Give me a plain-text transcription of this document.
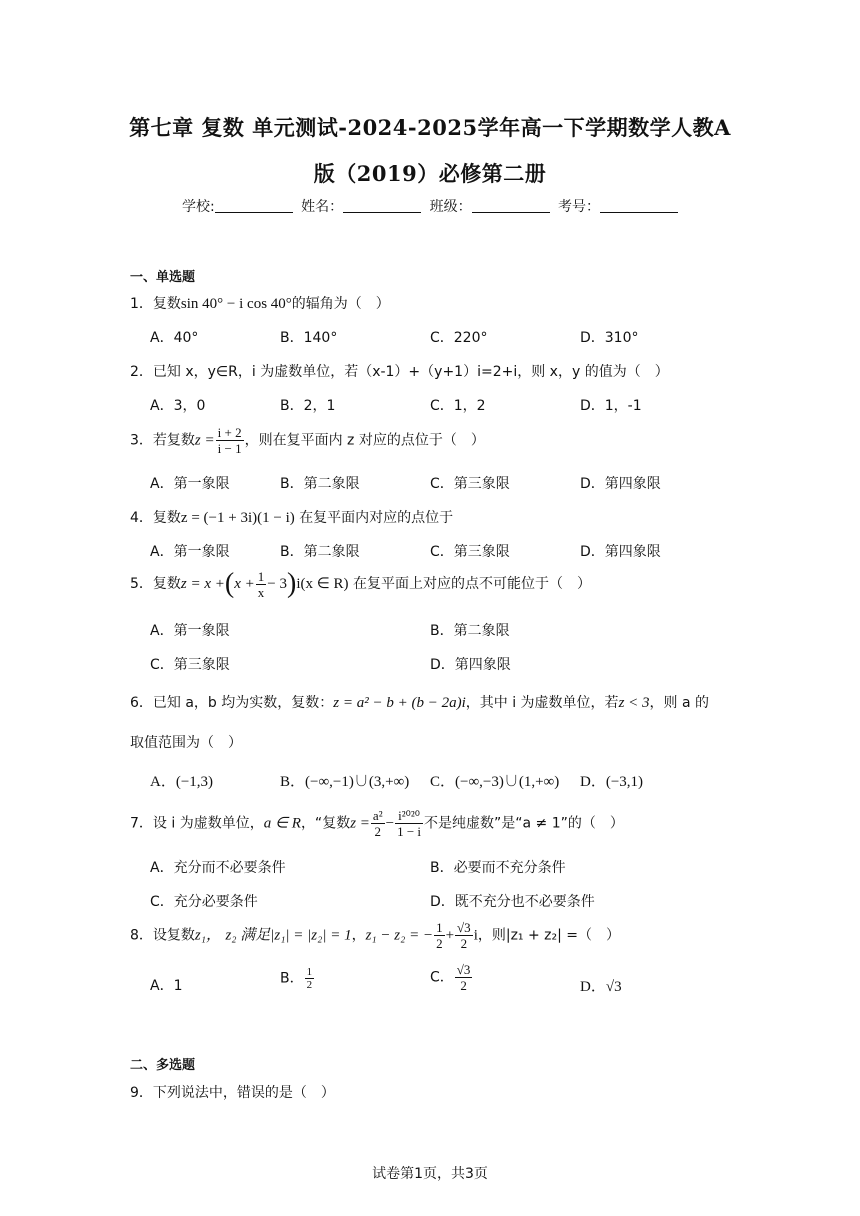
第七章 复数 单元测试-2024-2025学年高一下学期数学人教A
版（2019）必修第二册
学校:	姓名：	班级：	考号：
一、单选题
1．复数sin 40° − i cos 40°的辐角为（　）
A．40°	B．140°	C．220°	D．310°
2．已知 x，y∈R，i 为虚数单位，若（x-1）+（y+1）i=2+i，则 x，y 的值为（　）
A．3，0	B．2，1	C．1，2	D．1，-1
3．若复数$z = \frac{i + 2}{i - 1}$ ，则在复平面内 z 对应的点位于（　）
A．第一象限	B．第二象限	C．第三象限	D．第四象限
4．复数z = (−1 + 3i)(1 − i) 在复平面内对应的点位于
A．第一象限	B．第二象限	C．第三象限	D．第四象限
5．复数$z = x +(x + \frac{1}{x} - 3)i(x$ ∈ R) 在复平面上对应的点不可能位于（　）
A．第一象限	B．第二象限
C．第三象限	D．第四象限
6．已知 a，b 均为实数，复数：z = a² − b + (b − 2a)i，其中 i 为虚数单位，若z < 3，则 a 的
取值范围为（　）
A．(−1,3)	B．(−∞,−1)∪(3,+∞) C．(−∞,−3)∪(1,+∞) D．(−3,1)
7．设 i 为虚数单位，a ∈ R，“复数$z = \frac{\text{a²}}{2} - \frac{\text{i²⁰²⁰}}{1 - i}$ 不是纯虚数”是“a ≠ 1”的（　）
A．充分而不必要条件	B．必要而不充分条件
C．充分必要条件	D．既不充分也不必要条件
8．设复数z₁， z₂ 满足|z₁| = |z₂| = 1，z₁ − z₂ = − $\frac{1}{2} + \frac{√3}{2}$ i，则|z₁ + z₂| =（　）
A．1	B． $\frac{1}{2}$	C． $\frac{√3}{2}$	D．√3
二、多选题
9．下列说法中，错误的是（　）
试卷第1页，共3页
